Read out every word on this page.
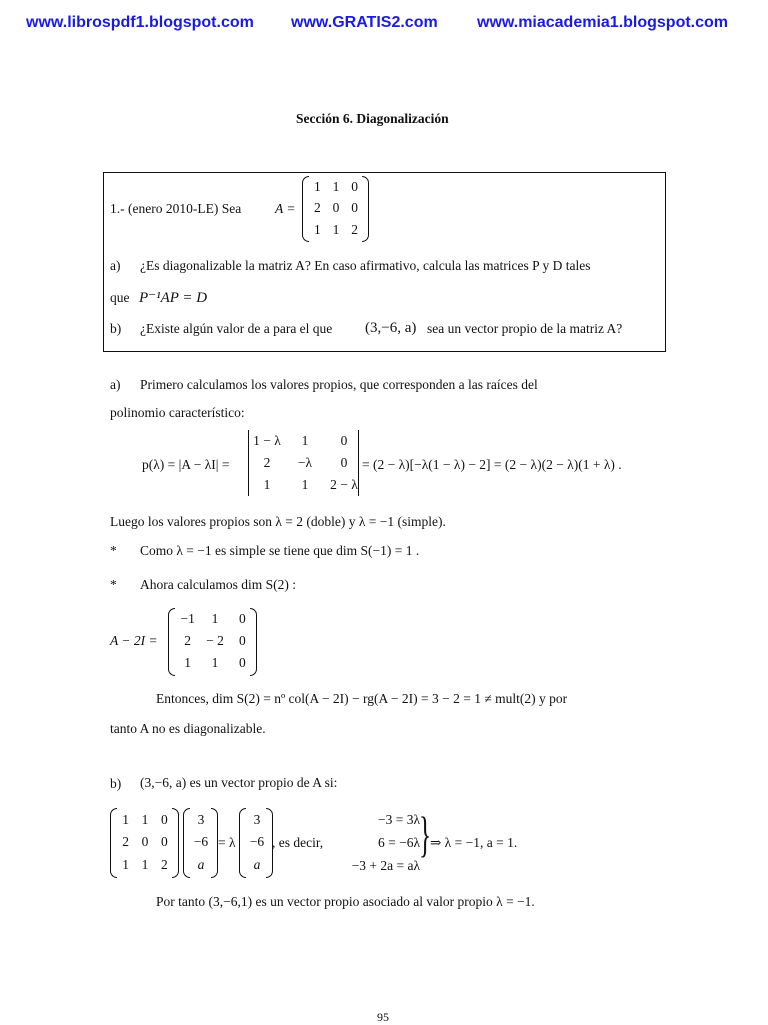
www.librospdf1.blogspot.com www.GRATIS2.com www.miacademia1.blogspot.com
Sección 6. Diagonalización
1.- (enero 2010-LE) Sea	A =
1 1 0
2 0 0
1 1 2
a) ¿Es diagonalizable la matriz A? En caso afirmativo, calcula las matrices P y D tales
que P⁻¹AP = D
b) ¿Existe algún valor de a para el que (3,−6, a) sea un vector propio de la matriz A?
a) Primero calculamos los valores propios, que corresponden a las raíces del
polinomio característico:
p(λ) = |A − λI| =
1 − λ 1 0
2 −λ 0
1 1 2 − λ
= (2 − λ)[−λ(1 − λ) − 2] = (2 − λ)(2 − λ)(1 + λ) .
Luego los valores propios son λ = 2 (doble) y λ = −1 (simple).
* Como λ = −1 es simple se tiene que dim S(−1) = 1 .
* Ahora calculamos dim S(2) :
A − 2I =
−1 1 0
2 − 2 0
1 1 0
Entonces, dim S(2) = nº col(A − 2I) − rg(A − 2I) = 3 − 2 = 1 ≠ mult(2) y por
tanto A no es diagonalizable.
b) (3,−6, a) es un vector propio de A si:
1 1 0
2 0 0
1 1 2
3
−6
a
= λ
3
−6
a
, es decir,
−3 = 3λ
6 = −6λ
−3 + 2a = aλ
} ⇒ λ = −1, a = 1.
Por tanto (3,−6,1) es un vector propio asociado al valor propio λ = −1.
95
